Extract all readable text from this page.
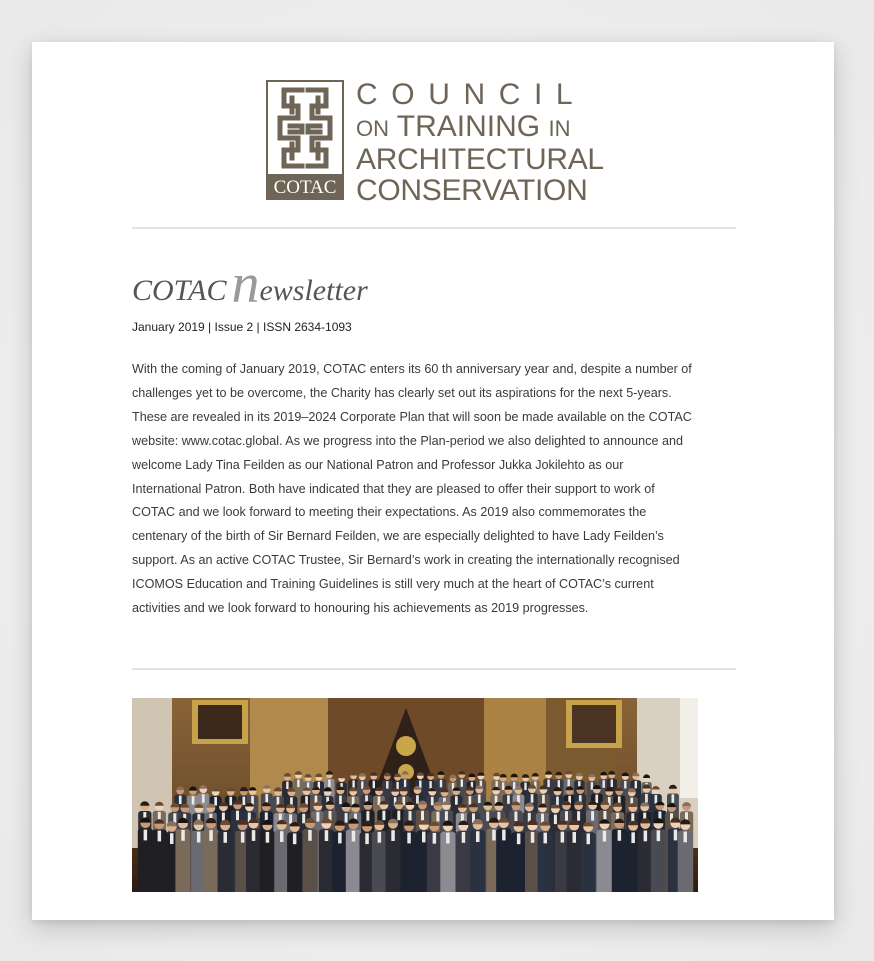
COTAC
COUNCIL
ON TRAINING IN
ARCHITECTURAL
CONSERVATION
COTACnewsletter
January 2019 | Issue 2 | ISSN 2634-1093
With the coming of January 2019, COTAC enters its 60 th anniversary year and, despite a number of challenges yet to be overcome, the Charity has clearly set out its aspirations for the next 5-years. These are revealed in its 2019–2024 Corporate Plan that will soon be made available on the COTAC website: www.cotac.global. As we progress into the Plan-period we also delighted to announce and welcome Lady Tina Feilden as our National Patron and Professor Jukka Jokilehto as our International Patron. Both have indicated that they are pleased to offer their support to work of COTAC and we look forward to meeting their expectations. As 2019 also commemorates the centenary of the birth of Sir Bernard Feilden, we are especially delighted to have Lady Feilden’s support. As an active COTAC Trustee, Sir Bernard’s work in creating the internationally recognised ICOMOS Education and Training Guidelines is still very much at the heart of COTAC’s current activities and we look forward to honouring his achievements as 2019 progresses.
